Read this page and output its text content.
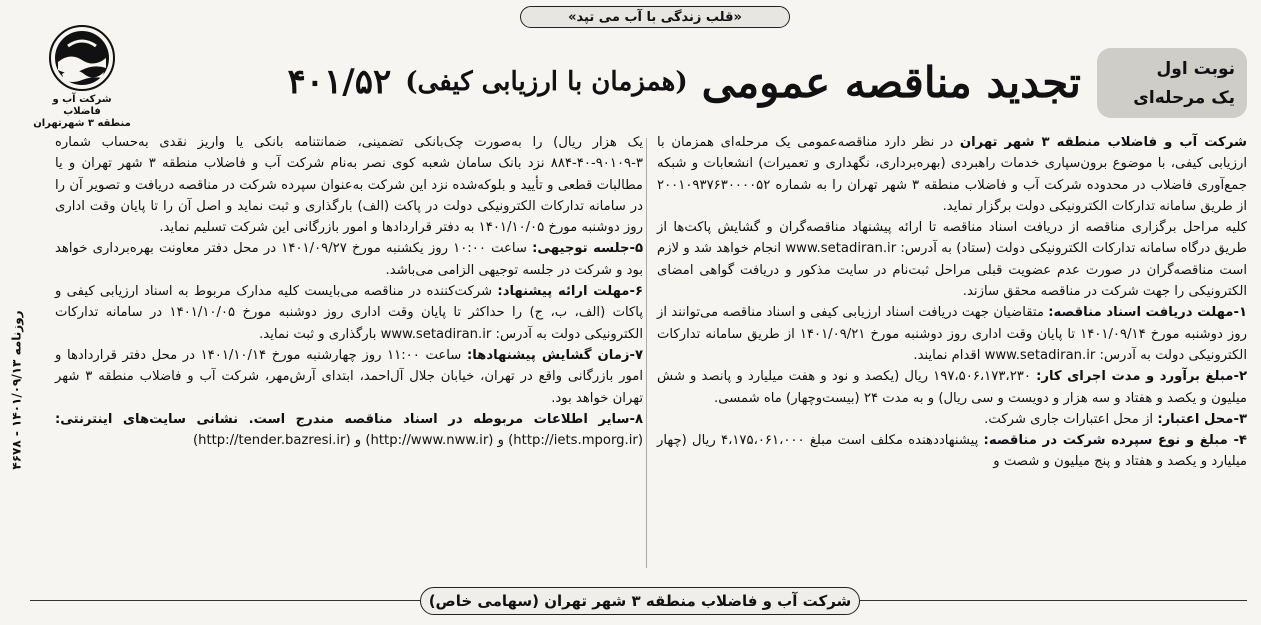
«قلب زندگی با آب می تپد»
نوبت اول
یک مرحله‌ای
تجدید مناقصه عمومی
(همزمان با ارزیابی کیفی)
۴۰۱/۵۲
شرکت آب و فاضلاب
منطقه ۳ شهرتهران
روزنامه ۱۴۰۱/۰۹/۱۳ - ۴۶۷۸

شرکت آب و فاضلاب منطقه ۳ شهر تهران در نظر دارد مناقصه‌عمومی یک مرحله‌ای همزمان با ارزیابی کیفی، با موضوع برون‌سپاری خدمات راهبردی (بهره‌برداری، نگهداری و تعمیرات) انشعابات و شبکه جمع‌آوری فاضلاب در محدوده شرکت آب و فاضلاب منطقه ۳ شهر تهران را به شماره ۲۰۰۱۰۹۳۷۶۳۰۰۰۰۵۲ از طریق سامانه تدارکات الکترونیکی دولت برگزار نماید.

کلیه مراحل برگزاری مناقصه از دریافت اسناد مناقصه تا ارائه پیشنهاد مناقصه‌گران و گشایش پاکت‌ها از طریق درگاه سامانه تدارکات الکترونیکی دولت (ستاد) به آدرس: www.setadiran.ir انجام خواهد شد و لازم است مناقصه‌گران در صورت عدم عضویت قبلی مراحل ثبت‌نام در سایت مذکور و دریافت گواهی امضای الکترونیکی را جهت شرکت در مناقصه محقق سازند.

۱-مهلت دریافت اسناد مناقصه: متقاضیان جهت دریافت اسناد ارزیابی کیفی و اسناد مناقصه می‌توانند از روز دوشنبه مورخ ۱۴۰۱/۰۹/۱۴ تا پایان وقت اداری روز دوشنبه مورخ ۱۴۰۱/۰۹/۲۱ از طریق سامانه تدارکات الکترونیکی دولت به آدرس: www.setadiran.ir اقدام نمایند.

۲-مبلغ برآورد و مدت اجرای کار: ۱۹۷،۵۰۶،۱۷۳،۲۳۰ ریال (یکصد و نود و هفت میلیارد و پانصد و شش میلیون و یکصد و هفتاد و سه هزار و دویست و سی ریال) و به مدت ۲۴ (بیست‌وچهار) ماه شمسی.

۳-محل اعتبار: از محل اعتبارات جاری شرکت.

۴- مبلغ و نوع سپرده شرکت در مناقصه: پیشنهاددهنده مکلف است مبلغ ۴،۱۷۵،۰۶۱،۰۰۰ ریال (چهار میلیارد و یکصد و هفتاد و پنج میلیون و شصت و

یک هزار ریال) را به‌صورت چک‌بانکی تضمینی، ضمانتنامه بانکی یا واریز نقدی به‌حساب شماره ۳-۹۰۱۰۹-۴۰-۸۸۴ نزد بانک سامان شعبه کوی نصر به‌نام شرکت آب و فاضلاب منطقه ۳ شهر تهران و یا مطالبات قطعی و تأیید و بلوکه‌شده نزد این شرکت به‌عنوان سپرده شرکت در مناقصه دریافت و تصویر آن را در سامانه تدارکات الکترونیکی دولت در پاکت (الف) بارگذاری و ثبت نماید و اصل آن را تا پایان وقت اداری روز دوشنبه مورخ ۱۴۰۱/۱۰/۰۵ به دفتر قراردادها و امور بازرگانی این شرکت تسلیم نماید.

۵-جلسه توجیهی: ساعت ۱۰:۰۰ روز یکشنبه مورخ ۱۴۰۱/۰۹/۲۷ در محل دفتر معاونت بهره‌برداری خواهد بود و شرکت در جلسه توجیهی الزامی می‌باشد.

۶-مهلت ارائه پیشنهاد: شرکت‌کننده در مناقصه می‌بایست کلیه مدارک مربوط به اسناد ارزیابی کیفی و پاکات (الف، ب، ج) را حداکثر تا پایان وقت اداری روز دوشنبه مورخ ۱۴۰۱/۱۰/۰۵ در سامانه تدارکات الکترونیکی دولت به آدرس: www.setadiran.ir بارگذاری و ثبت نماید.

۷-زمان گشایش پیشنهادها: ساعت ۱۱:۰۰ روز چهارشنبه مورخ ۱۴۰۱/۱۰/۱۴ در محل دفتر قراردادها و امور بازرگانی واقع در تهران، خیابان جلال آل‌احمد، ابتدای آرش‌مهر، شرکت آب و فاضلاب منطقه ۳ شهر تهران خواهد بود.

۸-سایر اطلاعات مربوطه در اسناد مناقصه مندرج است. نشانی سایت‌های اینترنتی: (http://iets.mporg.ir) و (http://www.nww.ir) و (http://tender.bazresi.ir)

شرکت آب و فاضلاب منطقه ۳ شهر تهران (سهامی خاص)
